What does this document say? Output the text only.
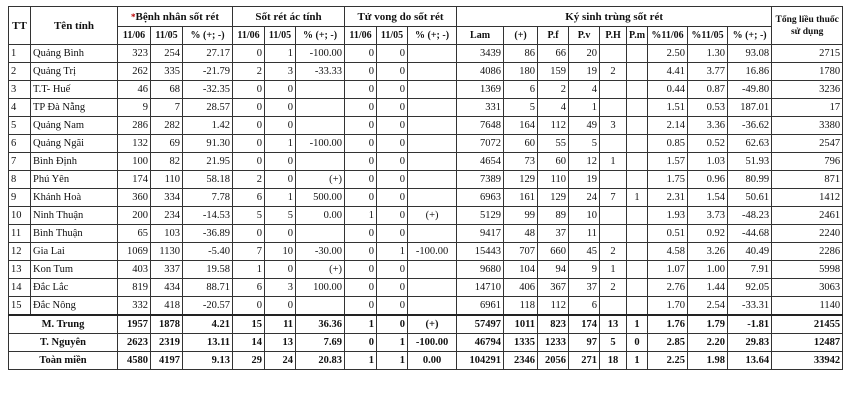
TT	Tên tỉnh	*Bệnh nhân sốt rét			Sốt rét ác tính			Tử vong do sốt rét			Ký sinh trùng sốt rét									Tổng liều thuốc sử dụng
		11/06	11/05	% (+; -)	11/06	11/05	% (+; -)	11/06	11/05	% (+; -)	Lam	(+)	P.f	P.v	P.H	P.m	%11/06	%11/05	% (+; -)	
1	Quảng Bình	323	254	27.17	0	1	-100.00	0	0		3439	86	66	20			2.50	1.30	93.08	2715
2	Quảng Trị	262	335	-21.79	2	3	-33.33	0	0		4086	180	159	19	2		4.41	3.77	16.86	1780
3	T.T- Huế	46	68	-32.35	0	0		0	0		1369	6	2	4			0.44	0.87	-49.80	3236
4	TP Đà Nẵng	9	7	28.57	0	0		0	0		331	5	4	1			1.51	0.53	187.01	17
5	Quảng Nam	286	282	1.42	0	0		0	0		7648	164	112	49	3		2.14	3.36	-36.62	3380
6	Quảng Ngãi	132	69	91.30	0	1	-100.00	0	0		7072	60	55	5			0.85	0.52	62.63	2547
7	Bình Định	100	82	21.95	0	0		0	0		4654	73	60	12	1		1.57	1.03	51.93	796
8	Phú Yên	174	110	58.18	2	0	(+)	0	0		7389	129	110	19			1.75	0.96	80.99	871
9	Khánh Hoà	360	334	7.78	6	1	500.00	0	0		6963	161	129	24	7	1	2.31	1.54	50.61	1412
10	Ninh Thuận	200	234	-14.53	5	5	0.00	1	0	(+)	5129	99	89	10			1.93	3.73	-48.23	2461
11	Bình Thuận	65	103	-36.89	0	0		0	0		9417	48	37	11			0.51	0.92	-44.68	2240
12	Gia Lai	1069	1130	-5.40	7	10	-30.00	0	1	-100.00	15443	707	660	45	2		4.58	3.26	40.49	2286
13	Kon Tum	403	337	19.58	1	0	(+)	0	0		9680	104	94	9	1		1.07	1.00	7.91	5998
14	Đắc Lắc	819	434	88.71	6	3	100.00	0	0		14710	406	367	37	2		2.76	1.44	92.05	3063
15	Đắc Nông	332	418	-20.57	0	0		0	0		6961	118	112	6			1.70	2.54	-33.31	1140
M. Trung		1957	1878	4.21	15	11	36.36	1	0	(+)	57497	1011	823	174	13	1	1.76	1.79	-1.81	21455
T. Nguyên		2623	2319	13.11	14	13	7.69	0	1	-100.00	46794	1335	1233	97	5	0	2.85	2.20	29.83	12487
Toàn miền		4580	4197	9.13	29	24	20.83	1	1	0.00	104291	2346	2056	271	18	1	2.25	1.98	13.64	33942
